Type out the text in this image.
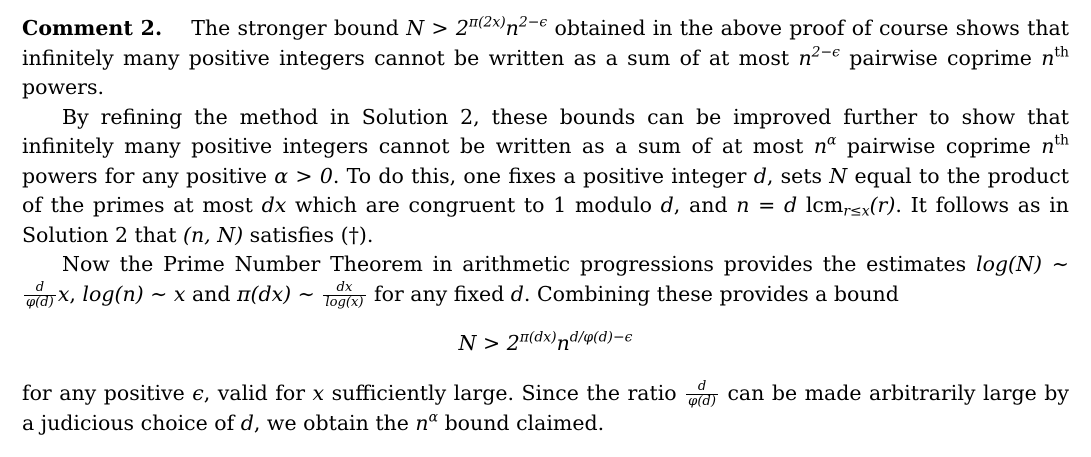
Comment 2. The stronger bound $N > 2^{\pi(2x)}n^{2-\epsilon}$ obtained in the above proof of course shows that infinitely many positive integers cannot be written as a sum of at most $n^{2-\epsilon}$ pairwise coprime $n^{th}$ powers.

By refining the method in Solution 2, these bounds can be improved further to show that infinitely many positive integers cannot be written as a sum of at most $n^\alpha$ pairwise coprime $n^{th}$ powers for any positive α > 0. To do this, one fixes a positive integer d, sets N equal to the product of the primes at most dx which are congruent to 1 modulo d, and n = d lcm$_{r\le x}$(r). It follows as in Solution 2 that (n, N) satisfies (†).

Now the Prime Number Theorem in arithmetic progressions provides the estimates log(N) ∼
$\frac{d}{\varphi(d)} x$, log(n) ∼ x and π(dx) ∼ $\frac{dx}{\log(x)}$ for any fixed d. Combining these provides a bound

$N > 2^{\pi(dx)}n^{d/\varphi(d)-\epsilon}$

for any positive ϵ, valid for x sufficiently large. Since the ratio $\frac{d}{\varphi(d)}$ can be made arbitrarily large by a judicious choice of d, we obtain the $n^\alpha$ bound claimed.
